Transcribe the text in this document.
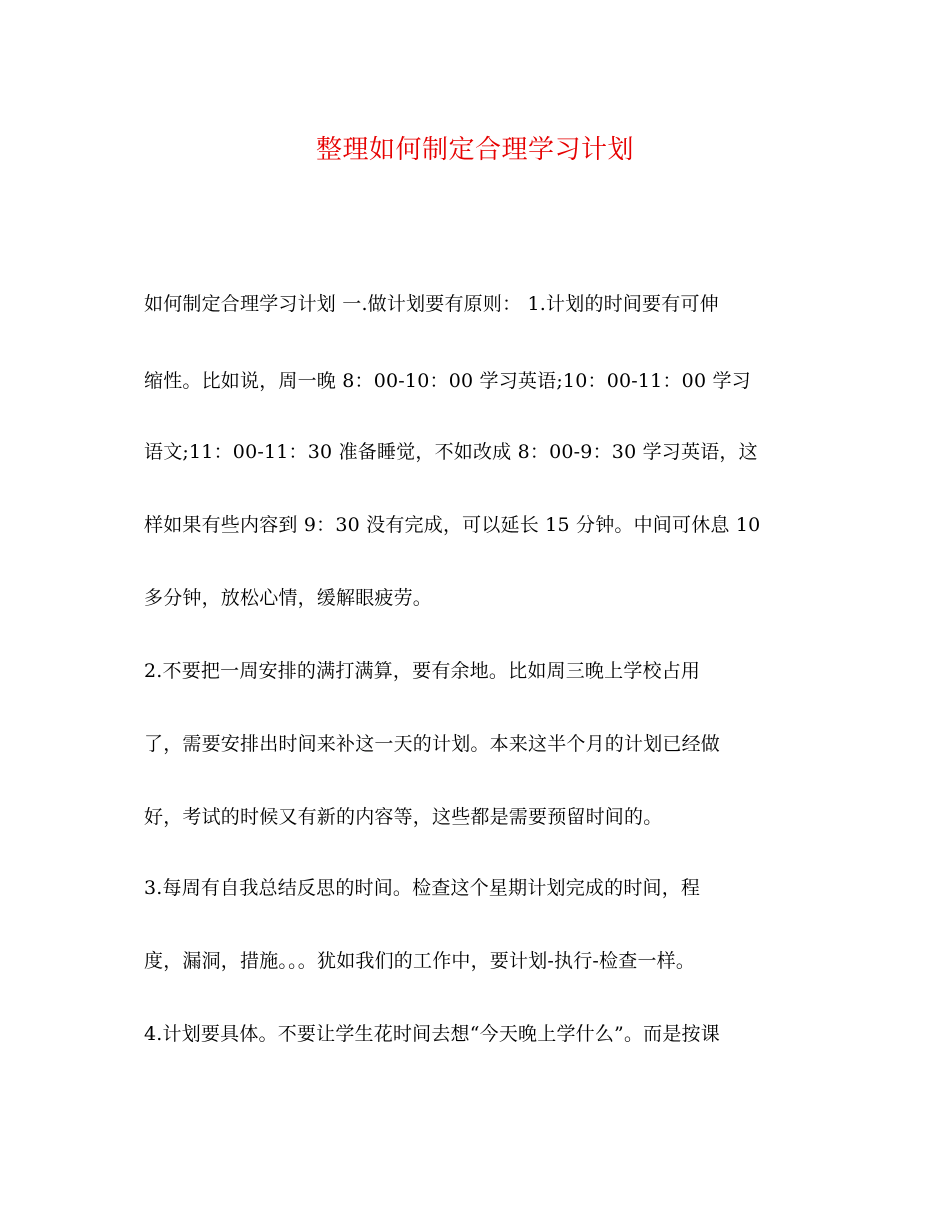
整理如何制定合理学习计划
如何制定合理学习计划 一.做计划要有原则： 1.计划的时间要有可伸
缩性。比如说，周一晚 8：00-10：00 学习英语;10：00-11：00 学习
语文;11：00-11：30 准备睡觉，不如改成 8：00-9：30 学习英语，这
样如果有些内容到 9：30 没有完成，可以延长 15 分钟。中间可休息 10
多分钟，放松心情，缓解眼疲劳。
2.不要把一周安排的满打满算，要有余地。比如周三晚上学校占用
了，需要安排出时间来补这一天的计划。本来这半个月的计划已经做
好，考试的时候又有新的内容等，这些都是需要预留时间的。
3.每周有自我总结反思的时间。检查这个星期计划完成的时间，程
度，漏洞，措施。。。犹如我们的工作中，要计划-执行-检查一样。
4.计划要具体。不要让学生花时间去想“今天晚上学什么”。而是按课
